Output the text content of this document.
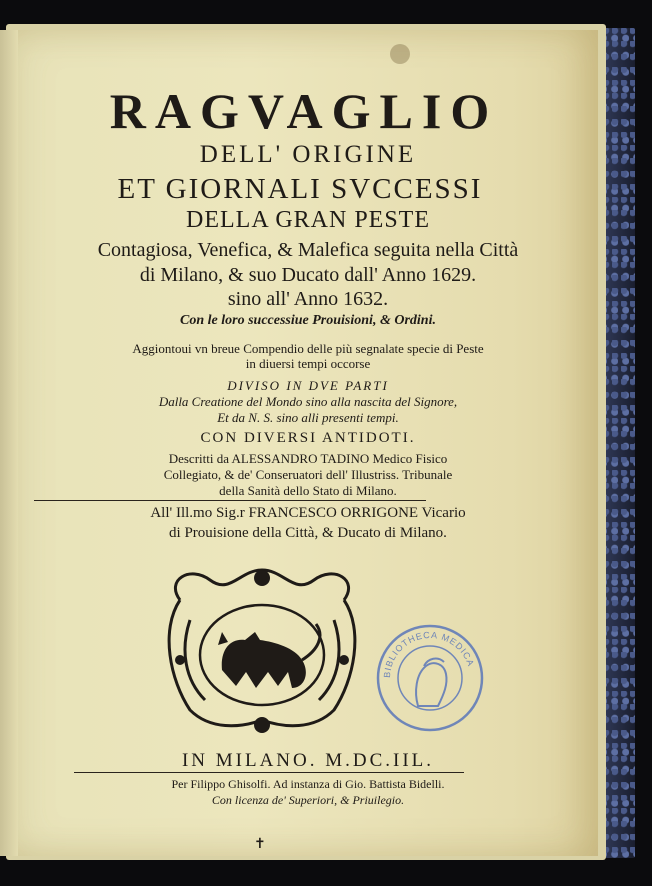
RAGVAGLIO
DELL' ORIGINE
ET GIORNALI SVCCESSI
DELLA GRAN PESTE
Contagiosa, Venefica, & Malefica seguita nella Città
di Milano, & suo Ducato dall' Anno 1629.
sino all' Anno 1632.
Con le loro successiue Prouisioni, & Ordini.
Aggiontoui vn breue Compendio delle più segnalate specie di Peste
in diuersi tempi occorse
DIVISO IN DVE PARTI
Dalla Creatione del Mondo sino alla nascita del Signore,
Et da N. S. sino alli presenti tempi.
CON DIVERSI ANTIDOTI.
Descritti da ALESSANDRO TADINO Medico Fisico
Collegiato, & de' Conseruatori dell' Illustriss. Tribunale
della Sanità dello Stato di Milano.
All' Ill.mo Sig.r FRANCESCO ORRIGONE Vicario
di Prouisione della Città, & Ducato di Milano.
BIBLIOTHECA MEDICA
IN MILANO. M.DC.IIL.
Per Filippo Ghisolfi. Ad instanza di Gio. Battista Bidelli.
Con licenza de' Superiori, & Priuilegio.
✝
